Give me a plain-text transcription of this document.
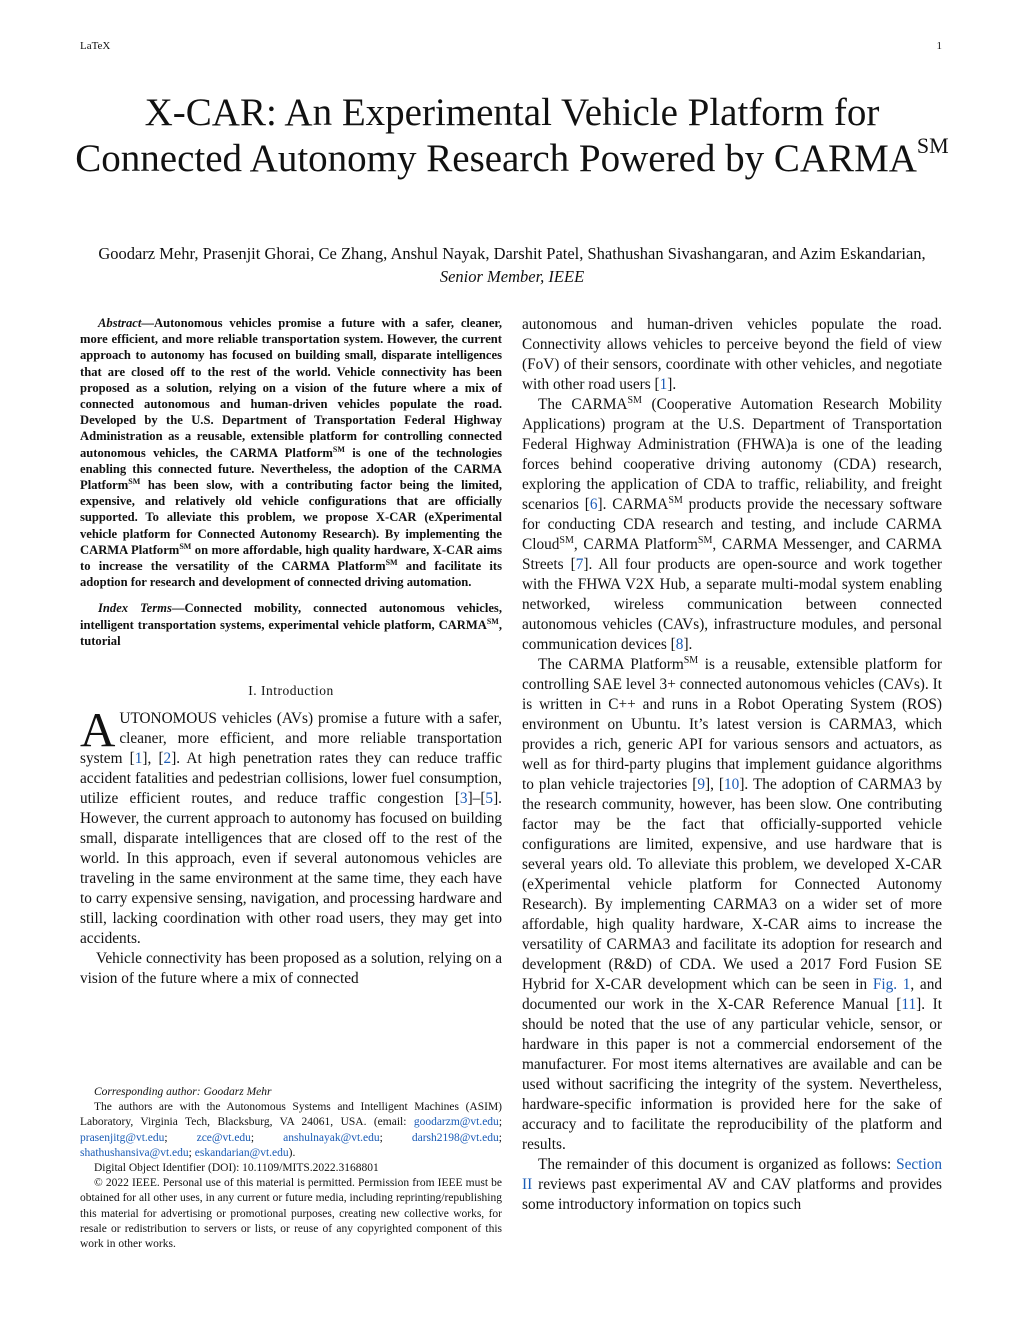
LaTeX	1
X-CAR: An Experimental Vehicle Platform for Connected Autonomy Research Powered by CARMA℠
Goodarz Mehr, Prasenjit Ghorai, Ce Zhang, Anshul Nayak, Darshit Patel, Shathushan Sivashangaran, and Azim Eskandarian, Senior Member, IEEE

Abstract—Autonomous vehicles promise a future with a safer, cleaner, more efficient, and more reliable transportation system. However, the current approach to autonomy has focused on building small, disparate intelligences that are closed off to the rest of the world. Vehicle connectivity has been proposed as a solution, relying on a vision of the future where a mix of connected autonomous and human-driven vehicles populate the road. Developed by the U.S. Department of Transportation Federal Highway Administration as a reusable, extensible platform for controlling connected autonomous vehicles, the CARMA Platform℠ is one of the technologies enabling this connected future. Nevertheless, the adoption of the CARMA Platform℠ has been slow, with a contributing factor being the limited, expensive, and relatively old vehicle configurations that are officially supported. To alleviate this problem, we propose X-CAR (eXperimental vehicle platform for Connected Autonomy Research). By implementing the CARMA Platform℠ on more affordable, high quality hardware, X-CAR aims to increase the versatility of the CARMA Platform℠ and facilitate its adoption for research and development of connected driving automation.

Index Terms—Connected mobility, connected autonomous vehicles, intelligent transportation systems, experimental vehicle platform, CARMA℠, tutorial

I. Introduction

AUTONOMOUS vehicles (AVs) promise a future with a safer, cleaner, more efficient, and more reliable transportation system [1], [2]. At high penetration rates they can reduce traffic accident fatalities and pedestrian collisions, lower fuel consumption, utilize efficient routes, and reduce traffic congestion [3]–[5]. However, the current approach to autonomy has focused on building small, disparate intelligences that are closed off to the rest of the world. In this approach, even if several autonomous vehicles are traveling in the same environment at the same time, they each have to carry expensive sensing, navigation, and processing hardware and still, lacking coordination with other road users, they may get into accidents.

Vehicle connectivity has been proposed as a solution, relying on a vision of the future where a mix of connected

Corresponding author: Goodarz Mehr

The authors are with the Autonomous Systems and Intelligent Machines (ASIM) Laboratory, Virginia Tech, Blacksburg, VA 24061, USA. (email: goodarzm@vt.edu; prasenjitg@vt.edu;	zce@vt.edu;	anshulnayak@vt.edu;	darsh2198@vt.edu; shathushansiva@vt.edu; eskandarian@vt.edu).

Digital Object Identifier (DOI): 10.1109/MITS.2022.3168801

© 2022 IEEE. Personal use of this material is permitted. Permission from IEEE must be obtained for all other uses, in any current or future media, including reprinting/republishing this material for advertising or promotional purposes, creating new collective works, for resale or redistribution to servers or lists, or reuse of any copyrighted component of this work in other works.

autonomous and human-driven vehicles populate the road. Connectivity allows vehicles to perceive beyond the field of view (FoV) of their sensors, coordinate with other vehicles, and negotiate with other road users [1].

The CARMA℠ (Cooperative Automation Research Mobility Applications) program at the U.S. Department of Transportation Federal Highway Administration (FHWA)a is one of the leading forces behind cooperative driving autonomy (CDA) research, exploring the application of CDA to traffic, reliability, and freight scenarios [6]. CARMA℠ products provide the necessary software for conducting CDA research and testing, and include CARMA Cloud℠, CARMA Platform℠, CARMA Messenger, and CARMA Streets [7]. All four products are open-source and work together with the FHWA V2X Hub, a separate multi-modal system enabling networked, wireless communication between connected autonomous vehicles (CAVs), infrastructure modules, and personal communication devices [8].

The CARMA Platform℠ is a reusable, extensible platform for controlling SAE level 3+ connected autonomous vehicles (CAVs). It is written in C++ and runs in a Robot Operating System (ROS) environment on Ubuntu. It’s latest version is CARMA3, which provides a rich, generic API for various sensors and actuators, as well as for third-party plugins that implement guidance algorithms to plan vehicle trajectories [9], [10]. The adoption of CARMA3 by the research community, however, has been slow. One contributing factor may be the fact that officially-supported vehicle configurations are limited, expensive, and use hardware that is several years old. To alleviate this problem, we developed X-CAR (eXperimental vehicle platform for Connected Autonomy Research). By implementing CARMA3 on a wider set of more affordable, high quality hardware, X-CAR aims to increase the versatility of CARMA3 and facilitate its adoption for research and development (R&D) of CDA. We used a 2017 Ford Fusion SE Hybrid for X-CAR development which can be seen in Fig. 1, and documented our work in the X-CAR Reference Manual [11]. It should be noted that the use of any particular vehicle, sensor, or hardware in this paper is not a commercial endorsement of the manufacturer. For most items alternatives are available and can be used without sacrificing the integrity of the system. Nevertheless, hardware-specific information is provided here for the sake of accuracy and to facilitate the reproducibility of the platform and results.

The remainder of this document is organized as follows: Section II reviews past experimental AV and CAV platforms and provides some introductory information on topics such
